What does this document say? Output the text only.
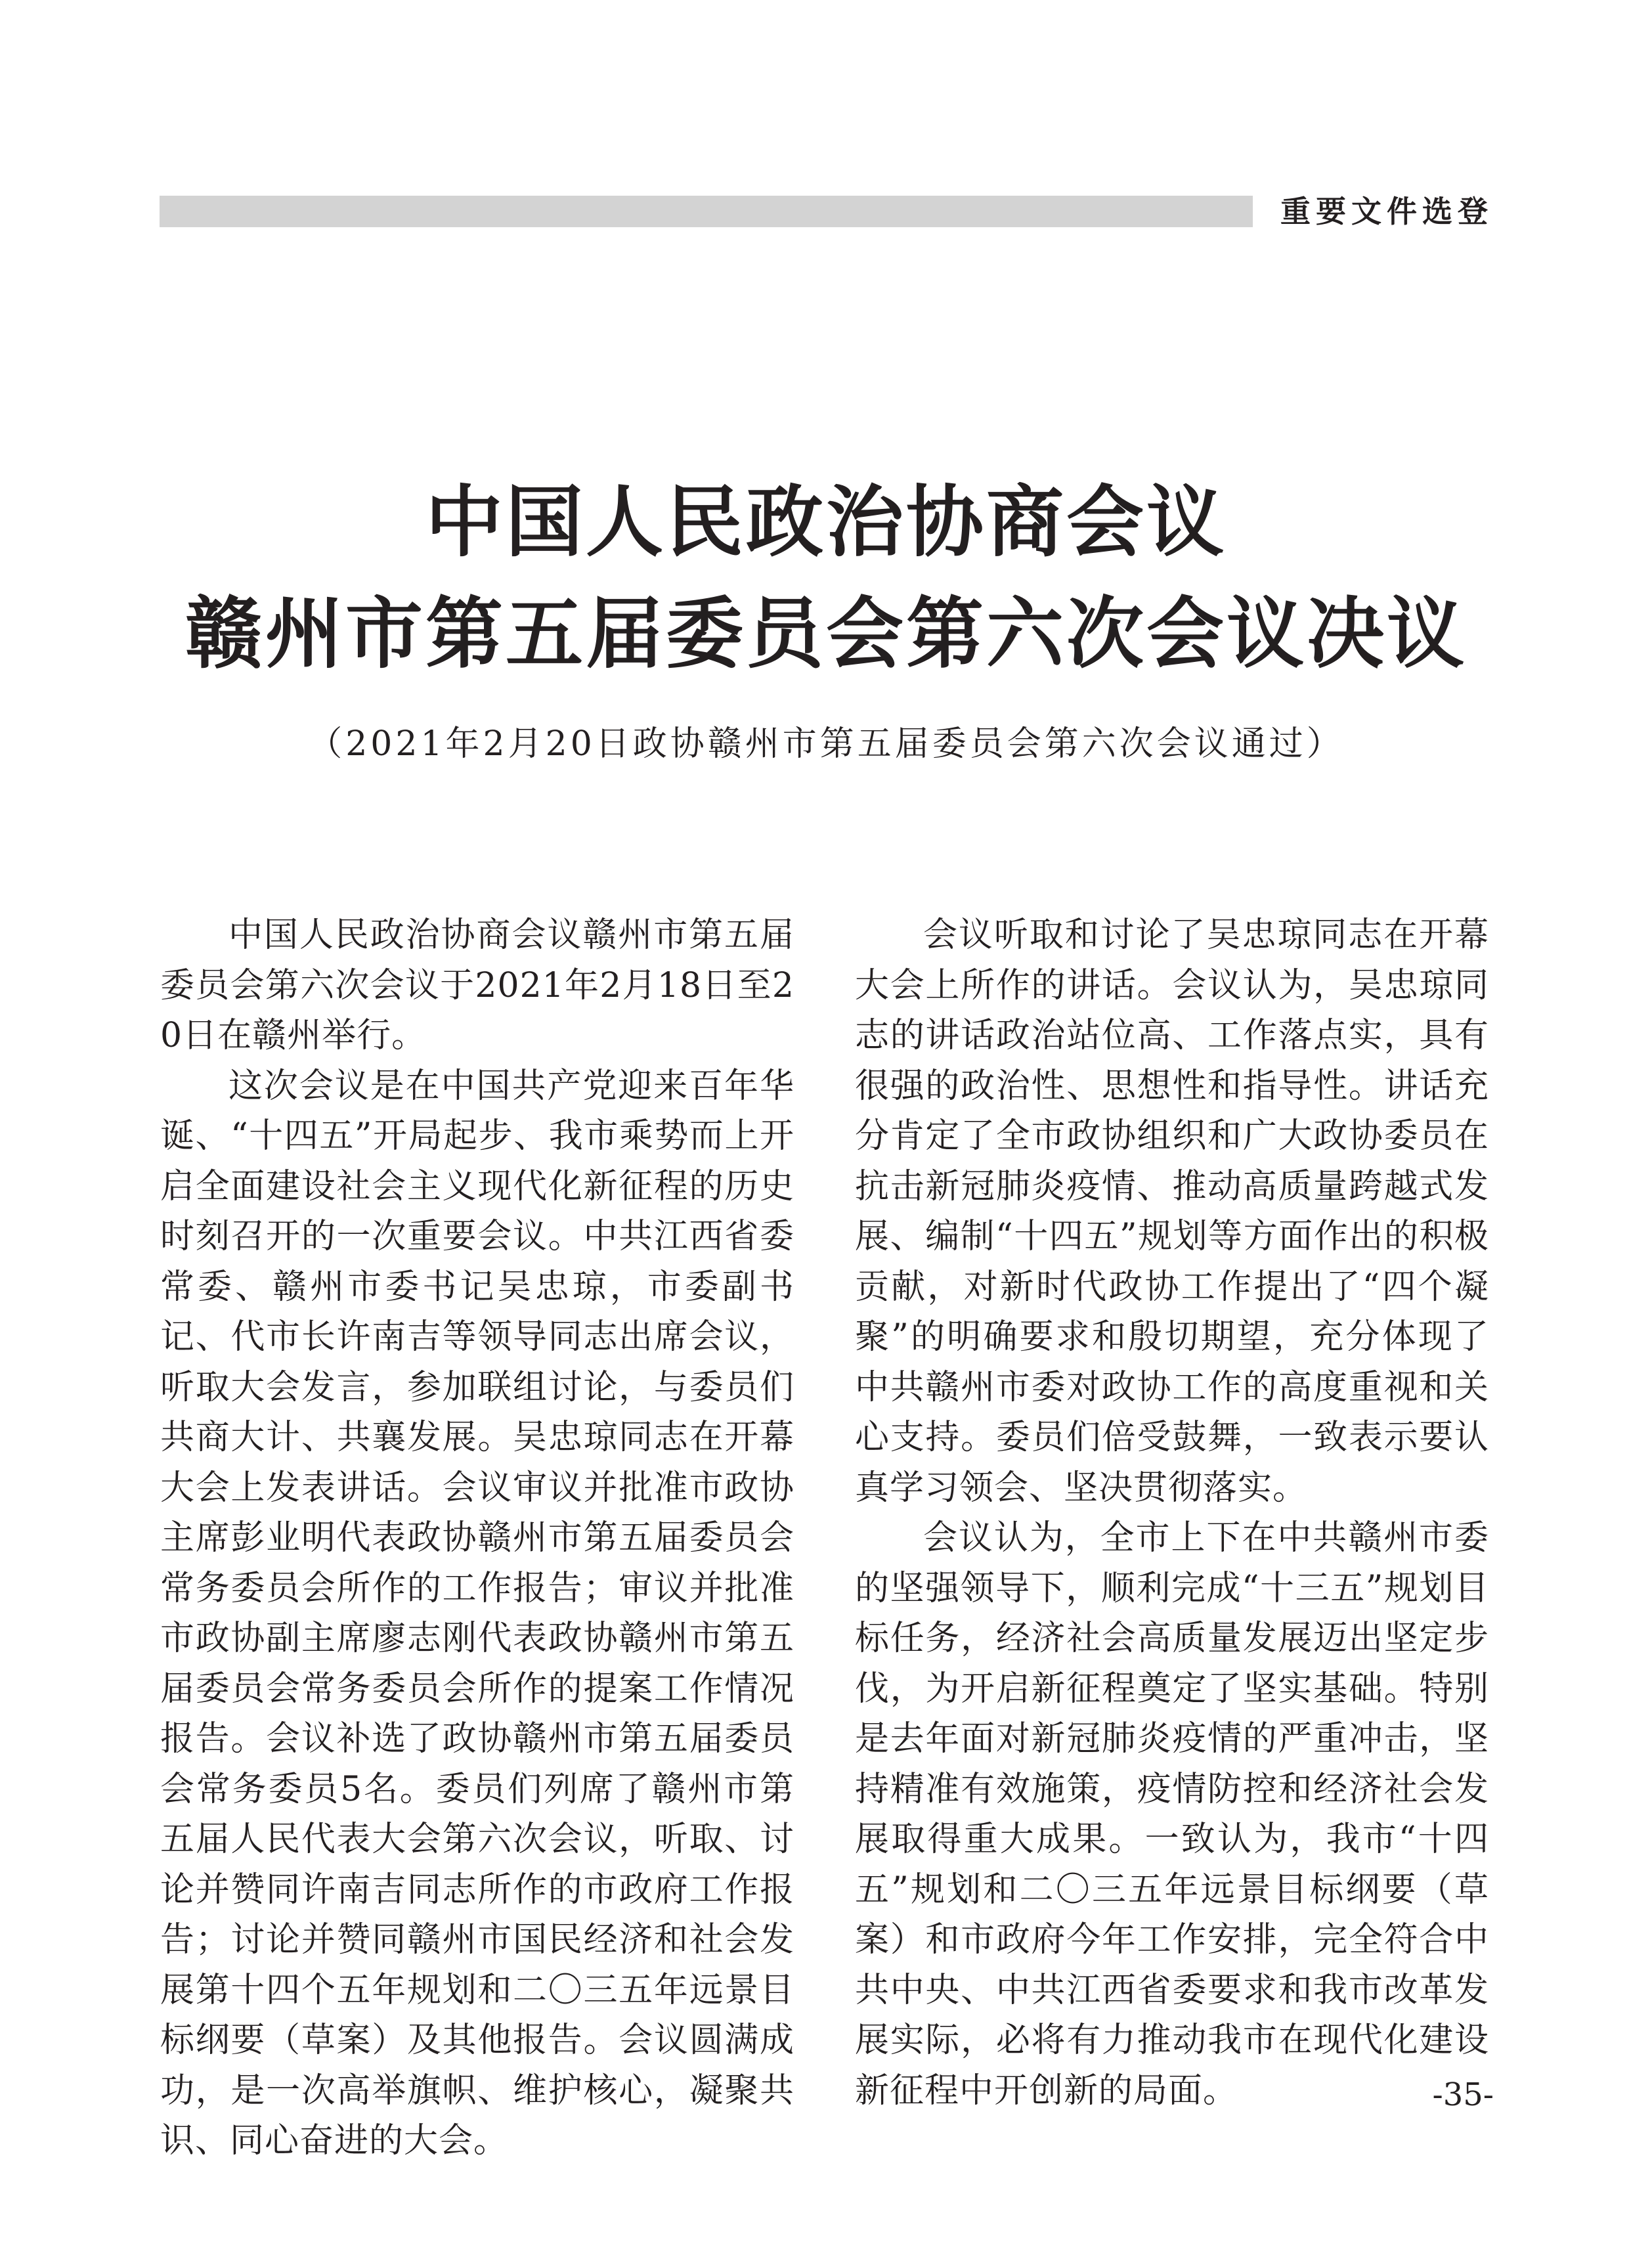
重要文件选登
中国人民政治协商会议
赣州市第五届委员会第六次会议决议
（2021年2月20日政协赣州市第五届委员会第六次会议通过）

中国人民政治协商会议赣州市第五届委员会第六次会议于2021年2月18日至20日在赣州举行。

这次会议是在中国共产党迎来百年华诞、“十四五”开局起步、我市乘势而上开启全面建设社会主义现代化新征程的历史时刻召开的一次重要会议。中共江西省委常委、赣州市委书记吴忠琼，市委副书记、代市长许南吉等领导同志出席会议，听取大会发言，参加联组讨论，与委员们共商大计、共襄发展。吴忠琼同志在开幕大会上发表讲话。会议审议并批准市政协主席彭业明代表政协赣州市第五届委员会常务委员会所作的工作报告；审议并批准市政协副主席廖志刚代表政协赣州市第五届委员会常务委员会所作的提案工作情况报告。会议补选了政协赣州市第五届委员会常务委员5名。委员们列席了赣州市第五届人民代表大会第六次会议，听取、讨论并赞同许南吉同志所作的市政府工作报告；讨论并赞同赣州市国民经济和社会发展第十四个五年规划和二〇三五年远景目标纲要（草案）及其他报告。会议圆满成功，是一次高举旗帜、维护核心，凝聚共识、同心奋进的大会。

会议听取和讨论了吴忠琼同志在开幕大会上所作的讲话。会议认为，吴忠琼同志的讲话政治站位高、工作落点实，具有很强的政治性、思想性和指导性。讲话充分肯定了全市政协组织和广大政协委员在抗击新冠肺炎疫情、推动高质量跨越式发展、编制“十四五”规划等方面作出的积极贡献，对新时代政协工作提出了“四个凝聚”的明确要求和殷切期望，充分体现了中共赣州市委对政协工作的高度重视和关心支持。委员们倍受鼓舞，一致表示要认真学习领会、坚决贯彻落实。

会议认为，全市上下在中共赣州市委的坚强领导下，顺利完成“十三五”规划目标任务，经济社会高质量发展迈出坚定步伐，为开启新征程奠定了坚实基础。特别是去年面对新冠肺炎疫情的严重冲击，坚持精准有效施策，疫情防控和经济社会发展取得重大成果。一致认为，我市“十四五”规划和二〇三五年远景目标纲要（草案）和市政府今年工作安排，完全符合中共中央、中共江西省委要求和我市改革发展实际，必将有力推动我市在现代化建设新征程中开创新的局面。	-35-
